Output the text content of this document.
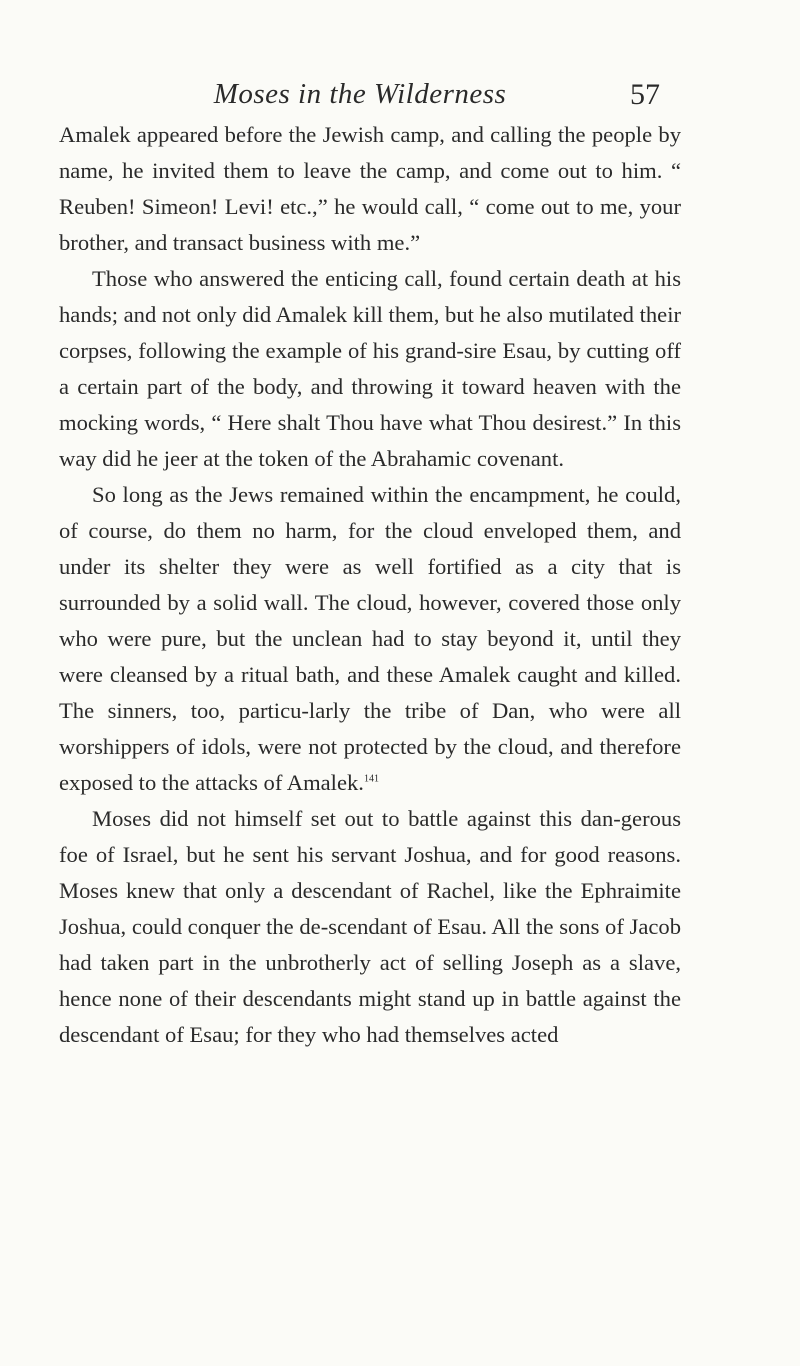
Moses in the Wilderness	57

Amalek appeared before the Jewish camp, and calling the people by name, he invited them to leave the camp, and come out to him. “ Reuben! Simeon! Levi! etc.,” he would call, “ come out to me, your brother, and transact business with me.”

Those who answered the enticing call, found certain death at his hands; and not only did Amalek kill them, but he also mutilated their corpses, following the example of his grand-sire Esau, by cutting off a certain part of the body, and throwing it toward heaven with the mocking words, “ Here shalt Thou have what Thou desirest.” In this way did he jeer at the token of the Abrahamic covenant.

So long as the Jews remained within the encampment, he could, of course, do them no harm, for the cloud enveloped them, and under its shelter they were as well fortified as a city that is surrounded by a solid wall. The cloud, however, covered those only who were pure, but the unclean had to stay beyond it, until they were cleansed by a ritual bath, and these Amalek caught and killed. The sinners, too, particu-larly the tribe of Dan, who were all worshippers of idols, were not protected by the cloud, and therefore exposed to the attacks of Amalek.$^{141}$

Moses did not himself set out to battle against this dan-gerous foe of Israel, but he sent his servant Joshua, and for good reasons. Moses knew that only a descendant of Rachel, like the Ephraimite Joshua, could conquer the de-scendant of Esau. All the sons of Jacob had taken part in the unbrotherly act of selling Joseph as a slave, hence none of their descendants might stand up in battle against the descendant of Esau; for they who had themselves acted
